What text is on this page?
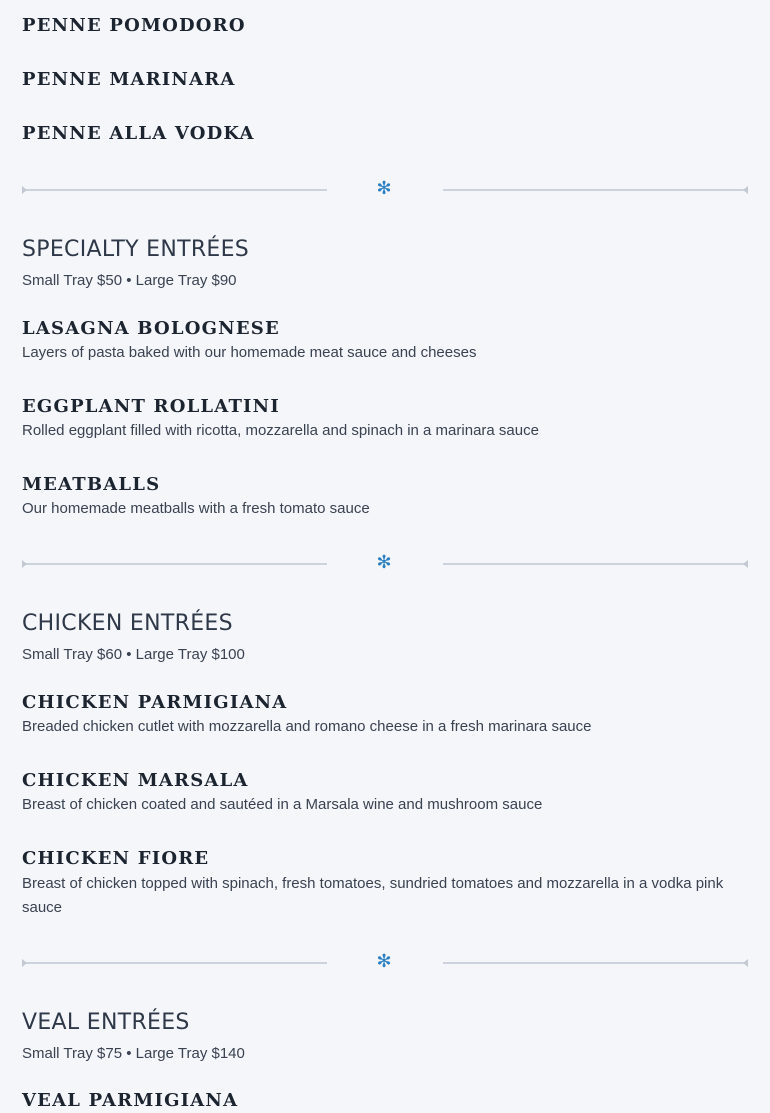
PENNE POMODORO
PENNE MARINARA
PENNE ALLA VODKA
✻
SPECIALTY ENTRÉES

Small Tray $50 • Large Tray $90

LASAGNA BOLOGNESE

Layers of pasta baked with our homemade meat sauce and cheeses

EGGPLANT ROLLATINI

Rolled eggplant filled with ricotta, mozzarella and spinach in a marinara sauce

MEATBALLS

Our homemade meatballs with a fresh tomato sauce

✻
CHICKEN ENTRÉES

Small Tray $60 • Large Tray $100

CHICKEN PARMIGIANA

Breaded chicken cutlet with mozzarella and romano cheese in a fresh marinara sauce

CHICKEN MARSALA

Breast of chicken coated and sautéed in a Marsala wine and mushroom sauce

CHICKEN FIORE

Breast of chicken topped with spinach, fresh tomatoes, sundried tomatoes and mozzarella in a vodka pink sauce

✻
VEAL ENTRÉES

Small Tray $75 • Large Tray $140

VEAL PARMIGIANA
